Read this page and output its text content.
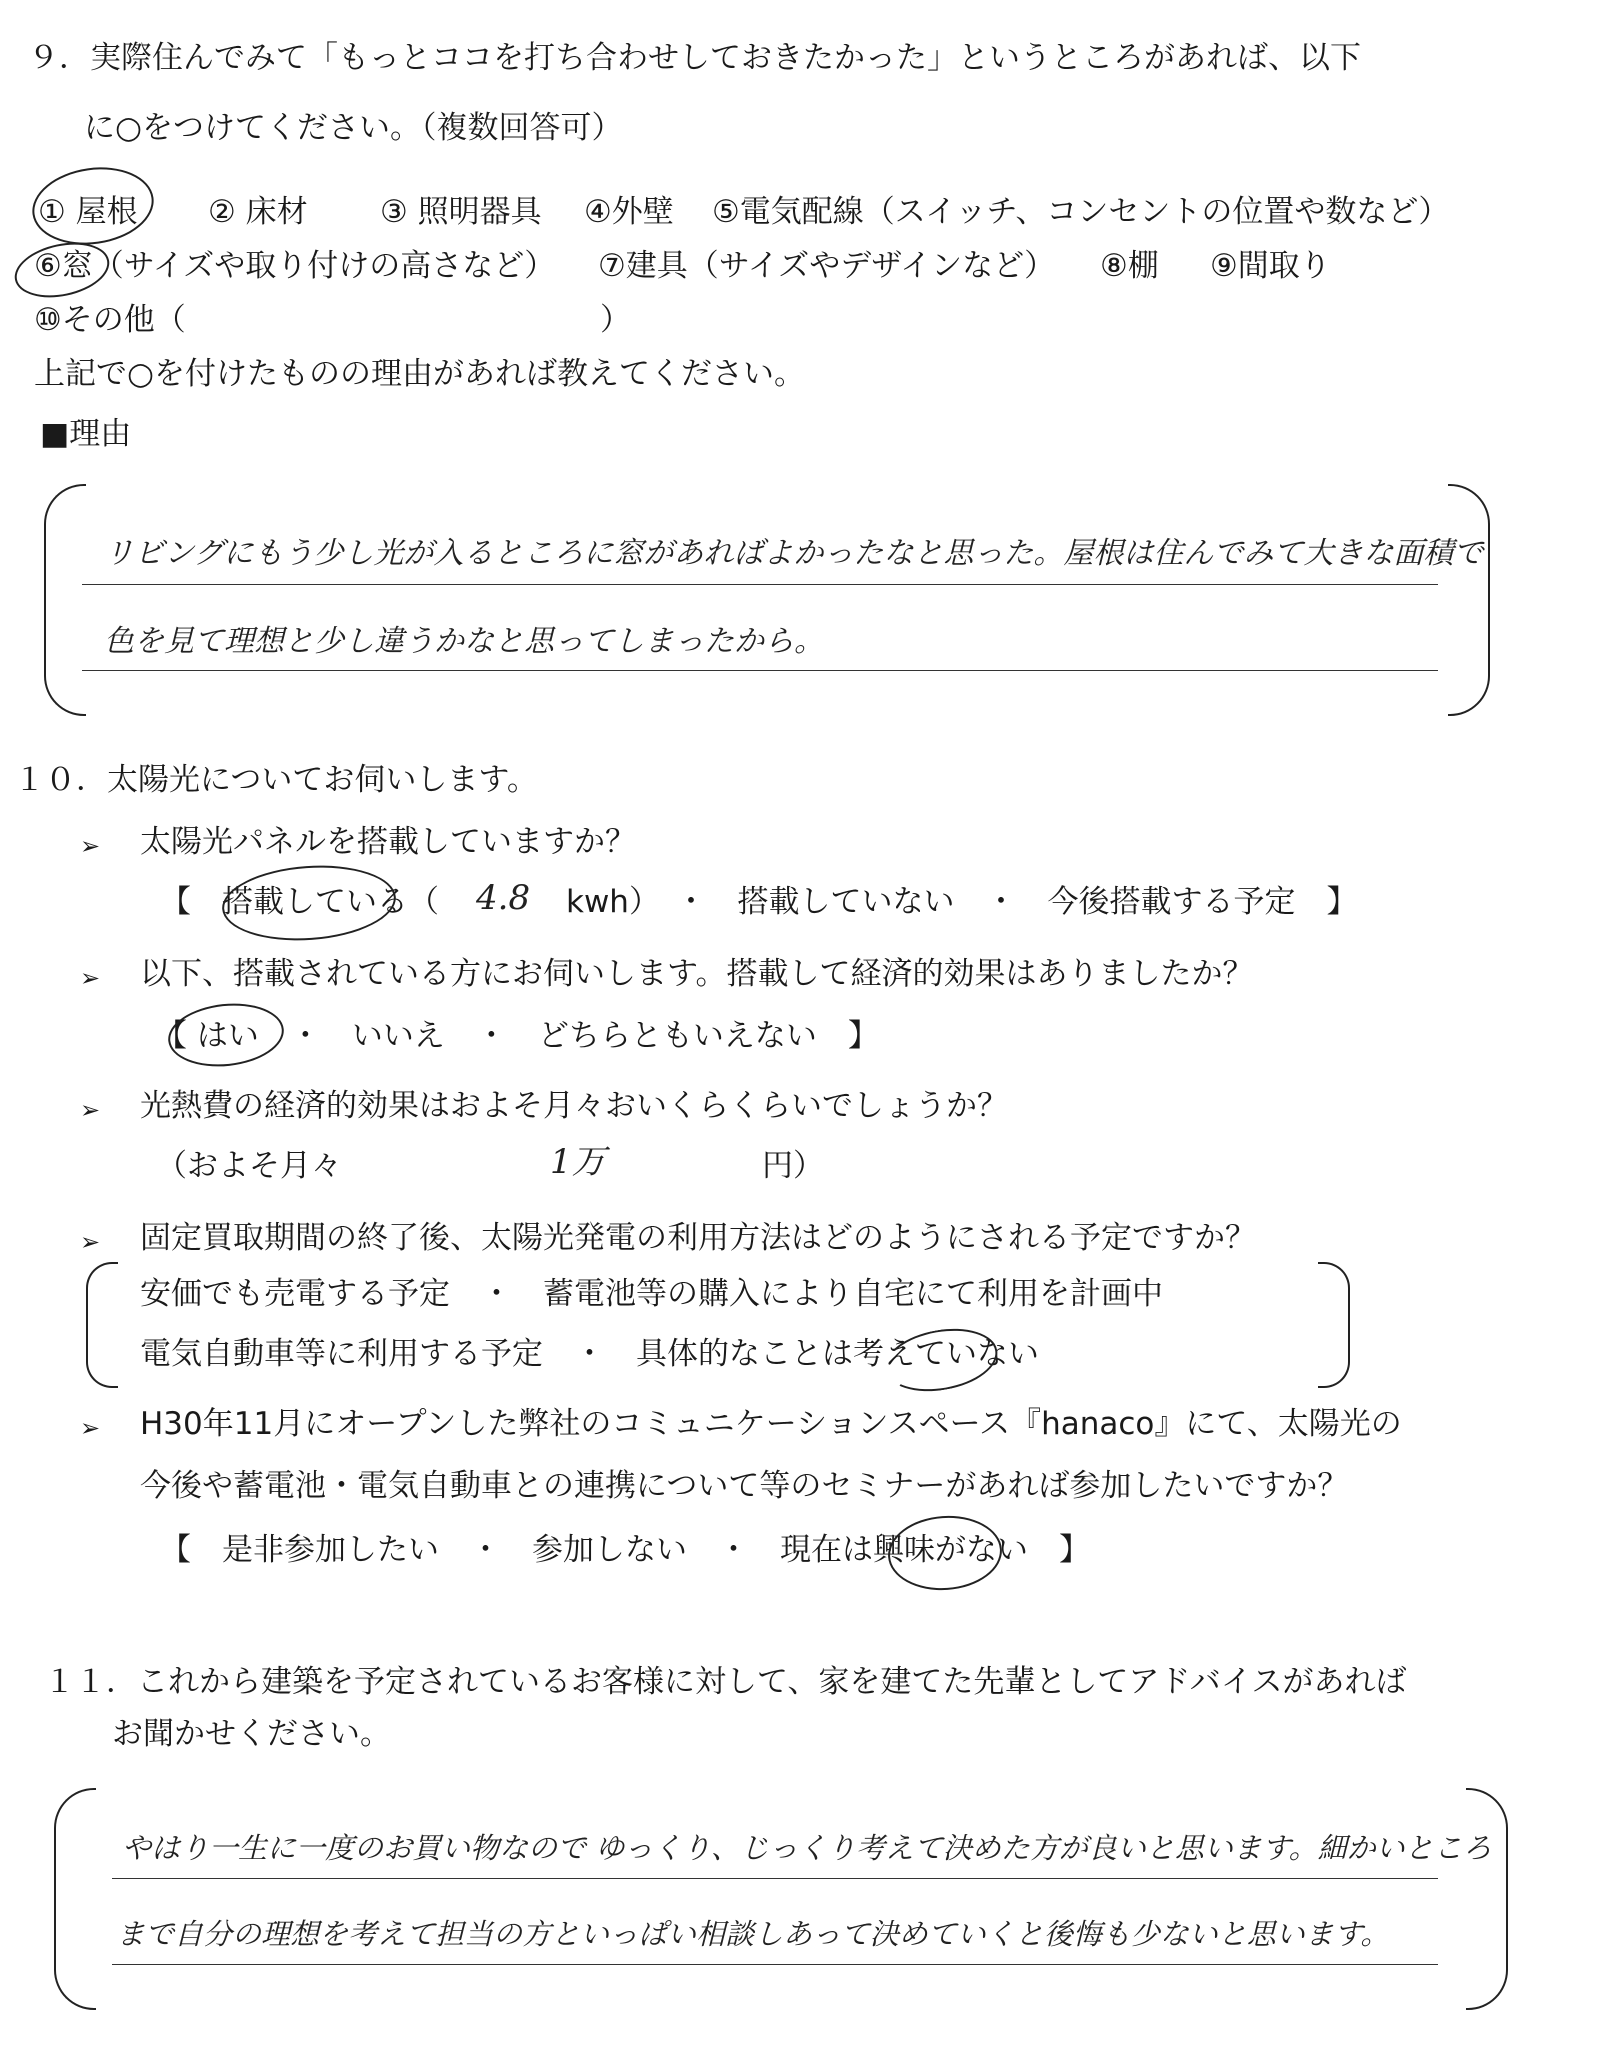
９．実際住んでみて「もっとココを打ち合わせしておきたかった」というところがあれば、以下
に○をつけてください。（複数回答可）
① 屋根 ② 床材 ③ 照明器具 ④外壁 ⑤電気配線（スイッチ、コンセントの位置や数など）
⑥窓（サイズや取り付けの高さなど） ⑦建具（サイズやデザインなど） ⑧棚 ⑨間取り
⑩その他（	）
上記で○を付けたものの理由があれば教えてください。
■理由
リビングにもう少し光が入るところに窓があればよかったなと思った。屋根は住んでみて大きな面積で
色を見て理想と少し違うかなと思ってしまったから。
１０．太陽光についてお伺いします。
➢ 太陽光パネルを搭載していますか？
【　搭載している（ 4.8 kwh）　・　搭載していない　・　今後搭載する予定　】
➢ 以下、搭載されている方にお伺いします。搭載して経済的効果はありましたか？
【 はい　・　いいえ　・　どちらともいえない　】
➢ 光熱費の経済的効果はおよそ月々おいくらくらいでしょうか？
（およそ月々	1万	円）
➢ 固定買取期間の終了後、太陽光発電の利用方法はどのようにされる予定ですか？
安価でも売電する予定　・　蓄電池等の購入により自宅にて利用を計画中
電気自動車等に利用する予定　・　具体的なことは考えていない
➢ H30年11月にオープンした弊社のコミュニケーションスペース『hanaco』にて、太陽光の
今後や蓄電池・電気自動車との連携について等のセミナーがあれば参加したいですか？
【　是非参加したい　・　参加しない　・　現在は興味がない　】
１１．これから建築を予定されているお客様に対して、家を建てた先輩としてアドバイスがあれば
お聞かせください。
やはり一生に一度のお買い物なので ゆっくり、じっくり考えて決めた方が良いと思います。細かいところ
まで自分の理想を考えて担当の方といっぱい相談しあって決めていくと後悔も少ないと思います。
